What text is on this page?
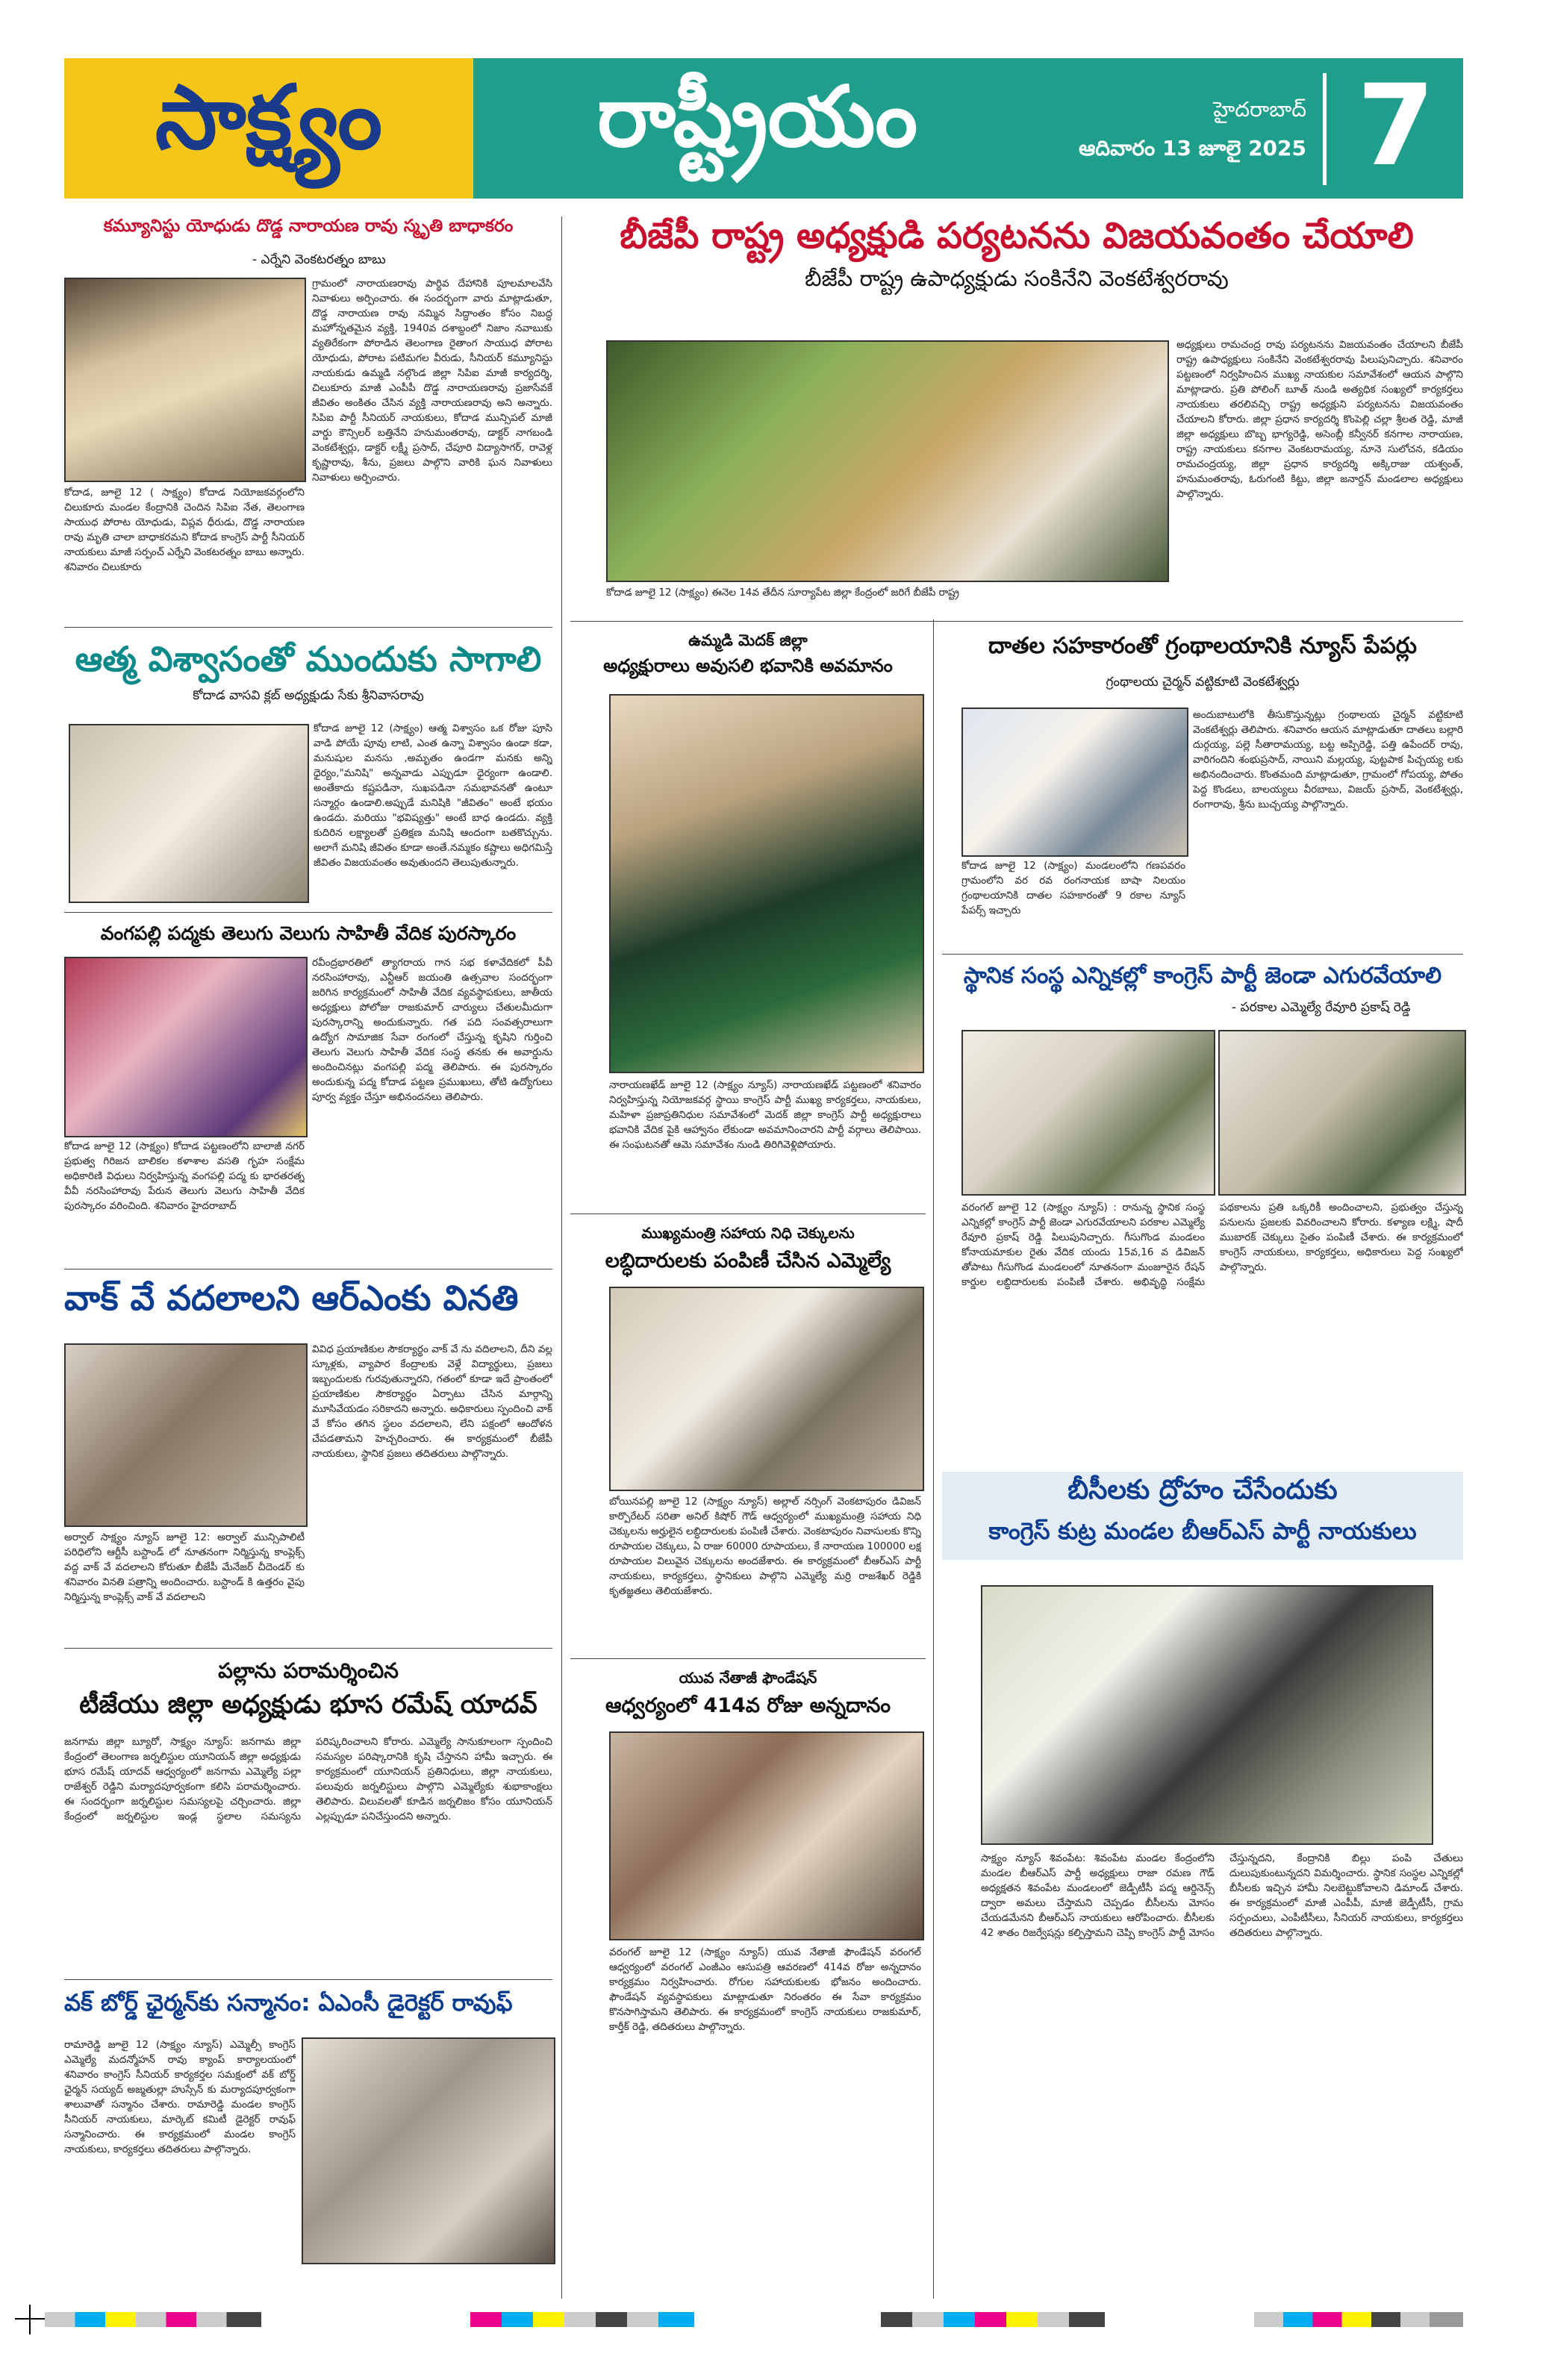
సాక్ష్యం	రాష్ట్రీయం	హైదరాబాద్
ఆదివారం 13 జూలై 2025 7
కమ్యూనిస్టు యోధుడు దొడ్డ నారాయణ రావు స్మృతి బాధాకరం
- ఎర్నేని వెంకటరత్నం బాబు
గ్రామంలో నారాయణరావు పార్థివ దేహానికి పూలమాలవేసి నివాళులు అర్పించారు. ఈ సందర్భంగా వారు మాట్లాడుతూ, దొడ్డ నారాయణ రావు నమ్మిన సిద్ధాంతం కోసం నిబద్ధ మహోన్నతమైన వ్యక్తి, 1940వ దశాబ్దంలో నిజాం నవాబుకు వ్యతిరేకంగా పోరాడిన తెలంగాణ రైతాంగ సాయుధ పోరాట యోధుడు, పోరాట పటిమగల వీరుడు, సీనియర్ కమ్యూనిస్టు నాయకుడు ఉమ్మడి నల్గొండ జిల్లా సిపిఐ మాజీ కార్యదర్శి, చిలుకూరు మాజీ ఎంపీపీ దొడ్డ నారాయణరావు ప్రజాసేవకే జీవితం అంకితం చేసిన వ్యక్తి నారాయణరావు అని అన్నారు. సిపిఐ పార్టీ సీనియర్ నాయకులు, కోదాడ మున్సిపల్ మాజీ వార్డు కౌన్సిలర్ బత్తినేని హనుమంతరావు, డాక్టర్ నాగబండి వెంకటేశ్వర్లు, డాక్టర్ లక్ష్మీ ప్రసాద్, చేపూరి విద్యాసాగర్, రావెళ్ల కృష్ణారావు, శీను, ప్రజలు పాల్గొని వారికి ఘన నివాళులు నివాళులు అర్పించారు.
కోదాడ, జూలై 12 ( సాక్ష్యం) కోదాడ నియోజకవర్గంలోని చిలుకూరు మండల కేంద్రానికి చెందిన సిపిఐ నేత, తెలంగాణ సాయుధ పోరాట యోధుడు, విప్లవ ధీరుడు, దొడ్డ నారాయణ రావు మృతి చాలా బాధాకరమని కోదాడ కాంగ్రెస్ పార్టీ సీనియర్ నాయకులు మాజీ సర్పంచ్ ఎర్నేని వెంకటరత్నం బాబు అన్నారు. శనివారం చిలుకూరు
ఆత్మ విశ్వాసంతో ముందుకు సాగాలి
కోదాడ వాసవి క్లబ్ అధ్యక్షుడు సేకు శ్రీనివాసరావు
కోదాడ జూలై 12 (సాక్ష్యం) ఆత్మ విశ్వాసం ఒక రోజు పూసి వాడి పోయే పూవు లాటి, ఎంత ఉన్నా విశ్వాసం ఉండా కడా, మనుషుల మనసు ,అమృతం ఉండగా మనకు అన్ని ధైర్యం,"మనిషి" అన్నవాడు ఎప్పుడూ ధైర్యంగా ఉండాలి. అంతేకాదు కష్టపడినా, సుఖపడినా సమభావనతో ఉంటూ సన్మార్గం ఉండాలి.అప్పుడే మనిషికి "జీవితం" అంటే భయం ఉండదు. మరియు "భవిష్యత్తు" అంటే బాధ ఉండదు. వ్యక్తి కుదిరిన లక్ష్యాలతో ప్రతిక్షణ మనిషి ఆందంగా బతకొచ్చును. అలాగే మనిషి జీవితం కూడా అంతే.నమ్మకం కష్టాలు అధిగమిస్తే జీవితం విజయవంతం అవుతుందని తెలుపుతున్నారు.
వంగపల్లి పద్మకు తెలుగు వెలుగు సాహితీ వేదిక పురస్కారం
రవీంద్రభారతిలో త్యాగరాయ గాన సభ కళావేదికలో పీవీ నరసింహారావు, ఎన్టీఆర్ జయంతి ఉత్సవాల సందర్భంగా జరిగిన కార్యక్రమంలో సాహితీ వేదిక వ్యవస్థాపకులు, జాతీయ అధ్యక్షులు పోలోజు రాజకుమార్ చార్యులు చేతులమీదుగా పురస్కారాన్ని అందుకున్నారు. గత పది సంవత్సరాలుగా ఉద్యోగ సామాజిక సేవా రంగంలో చేస్తున్న కృషిని గుర్తించి తెలుగు వెలుగు సాహితీ వేదిక సంస్థ తనకు ఈ అవార్డును అందించినట్లు వంగపల్లి పద్మ తెలిపారు. ఈ పురస్కారం అందుకున్న పద్మ కోదాడ పట్టణ ప్రముఖులు, తోటి ఉద్యోగులు పూర్వ వ్యక్తం చేస్తూ అభినందనలు తెలిపారు.
కోదాడ జూలై 12 (సాక్ష్యం) కోదాడ పట్టణంలోని బాలాజీ నగర్ ప్రభుత్వ గిరిజన బాలికల కళాశాల వసతి గృహ సంక్షేమ అధికారిణి విధులు నిర్వహిస్తున్న వంగపల్లి పద్మ కు భారతరత్న వీవీ నరసింహారావు పేరున తెలుగు వెలుగు సాహితీ వేదిక పురస్కారం వరించింది. శనివారం హైదరాబాద్
వాక్ వే వదలాలని ఆర్ఎంకు వినతి
వివిధ ప్రయాణికుల సౌకర్యార్థం వాక్ వే ను వదిలాలని, దీని వల్ల స్కూళ్లకు, వ్యాపార కేంద్రాలకు వెళ్లే విద్యార్థులు, ప్రజలు ఇబ్బందులకు గురవుతున్నారని, గతంలో కూడా ఇదే ప్రాంతంలో ప్రయాణికుల సౌకర్యార్థం ఏర్పాటు చేసిన మార్గాన్ని మూసివేయడం సరికాదని అన్నారు. అధికారులు స్పందించి వాక్ వే కోసం తగిన స్థలం వదలాలని, లేని పక్షంలో ఆందోళన చేపడతామని హెచ్చరించారు. ఈ కార్యక్రమంలో బీజేపీ నాయకులు, స్థానిక ప్రజలు తదితరులు పాల్గొన్నారు.
అర్వాల్ సాక్ష్యం న్యూస్ జూలై 12: అర్వాల్ మున్సిపాలిటీ పరిధిలోని ఆర్టీసీ బస్టాండ్ లో నూతనంగా నిర్మిస్తున్న కాంప్లెక్స్ వద్ద వాక్ వే వదలాలని కోరుతూ బీజేపీ మేనేజర్ చీదెండర్ కు శనివారం వినతి పత్రాన్ని అందించారు. బస్టాండ్ కి ఉత్తరం వైపు నిర్మిస్తున్న కాంప్లెక్స్ వాక్ వే వదలాలని
పల్లాను పరామర్శించిన
టీజేయు జిల్లా అధ్యక్షుడు భూస రమేష్ యాదవ్
జనగామ జిల్లా బ్యూరో, సాక్ష్యం న్యూస్: జనగామ జిల్లా కేంద్రంలో తెలంగాణ జర్నలిస్టుల యూనియన్ జిల్లా అధ్యక్షుడు భూస రమేష్ యాదవ్ ఆధ్వర్యంలో జనగామ ఎమ్మెల్యే పల్లా రాజేశ్వర్ రెడ్డిని మర్యాదపూర్వకంగా కలిసి పరామర్శించారు. ఈ సందర్భంగా జర్నలిస్టుల సమస్యలపై చర్చించారు. జిల్లా కేంద్రంలో జర్నలిస్టుల ఇండ్ల స్థలాల సమస్యను పరిష్కరించాలని కోరారు. ఎమ్మెల్యే సానుకూలంగా స్పందించి సమస్యల పరిష్కారానికి కృషి చేస్తానని హామీ ఇచ్చారు. ఈ కార్యక్రమంలో యూనియన్ ప్రతినిధులు, జిల్లా నాయకులు, పలువురు జర్నలిస్టులు పాల్గొని ఎమ్మెల్యేకు శుభాకాంక్షలు తెలిపారు. విలువలతో కూడిన జర్నలిజం కోసం యూనియన్ ఎల్లప్పుడూ పనిచేస్తుందని అన్నారు.
వక్ బోర్డ్ ఛైర్మన్‌కు సన్మానం: ఏఎంసీ డైరెక్టర్ రావుఫ్
రామారెడ్డి జూలై 12 (సాక్ష్యం న్యూస్) ఎమ్మెల్సీ కాంగ్రెస్ ఎమ్మెల్యే మదన్మోహన్ రావు క్యాంప్ కార్యాలయంలో శనివారం కాంగ్రెస్ సీనియర్ కార్యకర్తల సమక్షంలో వక్ బోర్డ్ ఛైర్మన్ సయ్యద్ అజ్మతుల్లా హుస్సేన్ కు మర్యాదపూర్వకంగా శాలువాతో సన్మానం చేశారు. రామారెడ్డి మండల కాంగ్రెస్ సీనియర్ నాయకులు, మార్కెట్ కమిటీ డైరెక్టర్ రావుఫ్ సన్మానించారు. ఈ కార్యక్రమంలో మండల కాంగ్రెస్ నాయకులు, కార్యకర్తలు తదితరులు పాల్గొన్నారు.
బీజేపీ రాష్ట్ర అధ్యక్షుడి పర్యటనను విజయవంతం చేయాలి
బీజేపీ రాష్ట్ర ఉపాధ్యక్షుడు సంకినేని వెంకటేశ్వరరావు
అధ్యక్షులు రామచంద్ర రావు పర్యటనను విజయవంతం చేయాలని బీజేపీ రాష్ట్ర ఉపాధ్యక్షులు సంకినేని వెంకటేశ్వరరావు పిలుపునిచ్చారు. శనివారం పట్టణంలో నిర్వహించిన ముఖ్య నాయకుల సమావేశంలో ఆయన పాల్గొని మాట్లాడారు. ప్రతి పోలింగ్ బూత్ నుండి అత్యధిక సంఖ్యలో కార్యకర్తలు నాయకులు తరలివచ్చి రాష్ట్ర అధ్యక్షుని పర్యటనను విజయవంతం చేయాలని కోరారు. జిల్లా ప్రధాన కార్యదర్శి కొంపెల్లి చల్లా శ్రీలత రెడ్డి, మాజీ జిల్లా అధ్యక్షులు బొబ్బ భాగ్యరెడ్డి, అసెంబ్లీ కన్వీనర్ కనగాల నారాయణ, రాష్ట్ర నాయకులు కనగాల వెంకటరామయ్య, నూనె సులోచన, కడియం రామచంద్రయ్య, జిల్లా ప్రధాన కార్యదర్శి అక్కిరాజు యశ్వంత్, హనుమంతరావు, ఓరుగంటి కిట్టు, జిల్లా జనార్దన్ మండలాల అధ్యక్షులు పాల్గొన్నారు.
కోదాడ జూలై 12 (సాక్ష్యం) ఈనెల 14వ తేదీన సూర్యాపేట జిల్లా కేంద్రంలో జరిగే బీజేపీ రాష్ట్ర
ఉమ్మడి మెదక్ జిల్లా
అధ్యక్షురాలు అవుసలి భవానికి అవమానం
నారాయణఖేడ్ జూలై 12 (సాక్ష్యం న్యూస్) నారాయణఖేడ్ పట్టణంలో శనివారం నిర్వహిస్తున్న నియోజకవర్గ స్థాయి కాంగ్రెస్ పార్టీ ముఖ్య కార్యకర్తలు, నాయకులు, మహిళా ప్రజాప్రతినిధుల సమావేశంలో మెదక్ జిల్లా కాంగ్రెస్ పార్టీ అధ్యక్షురాలు భవానికి వేదిక పైకి ఆహ్వానం లేకుండా అవమానించారని పార్టీ వర్గాలు తెలిపాయి. ఈ సంఘటనతో ఆమె సమావేశం నుండి తిరిగివెళ్లిపోయారు.
ముఖ్యమంత్రి సహాయ నిధి చెక్కులను
లబ్ధిదారులకు పంపిణీ చేసిన ఎమ్మెల్యే
బోయినపల్లి జూలై 12 (సాక్ష్యం న్యూస్) అల్లాల్ నర్సింగ్ వెంకటాపురం డివిజన్ కార్పొరేటర్ సరితా అనిల్ కిషోర్ గౌడ్ ఆధ్వర్యంలో ముఖ్యమంత్రి సహాయ నిధి చెక్కులను అర్హులైన లబ్ధిదారులకు పంపిణీ చేశారు. వెంకటాపురం నివాసులకు కొన్ని రూపాయల చెక్కులు, ఏ రాజు 60000 రూపాయలు, కే నారాయణ 100000 లక్ష రూపాయల విలువైన చెక్కులను అందజేశారు. ఈ కార్యక్రమంలో బీఆర్ఎస్ పార్టీ నాయకులు, కార్యకర్తలు, స్థానికులు పాల్గొని ఎమ్మెల్యే మర్రి రాజశేఖర్ రెడ్డికి కృతజ్ఞతలు తెలియజేశారు.
యువ నేతాజీ ఫౌండేషన్
ఆధ్వర్యంలో 414వ రోజు అన్నదానం
వరంగల్ జూలై 12 (సాక్ష్యం న్యూస్) యువ నేతాజీ ఫౌండేషన్ వరంగల్ ఆధ్వర్యంలో వరంగల్ ఎంజీఎం ఆసుపత్రి ఆవరణలో 414వ రోజు అన్నదానం కార్యక్రమం నిర్వహించారు. రోగుల సహాయకులకు భోజనం అందించారు. ఫౌండేషన్ వ్యవస్థాపకులు మాట్లాడుతూ నిరంతరం ఈ సేవా కార్యక్రమం కొనసాగిస్తామని తెలిపారు. ఈ కార్యక్రమంలో కాంగ్రెస్ నాయకులు రాజకుమార్, కార్తీక్ రెడ్డి, తదితరులు పాల్గొన్నారు.
దాతల సహకారంతో గ్రంథాలయానికి న్యూస్ పేపర్లు
గ్రంథాలయ చైర్మన్ వట్టికూటి వెంకటేశ్వర్లు
కోదాడ జూలై 12 (సాక్ష్యం) మండలంలోని గణపవరం గ్రామంలోని వర రవ రంగనాయక బాషా నిలయం గ్రంథాలయానికి దాతల సహకారంతో 9 రకాల న్యూస్ పేపర్స్ ఇచ్చారు
అందుబాటులోకి తీసుకొస్తున్నట్లు గ్రంథాలయ చైర్మన్ వట్టికూటి వెంకటేశ్వర్లు తెలిపారు. శనివారం ఆయన మాట్లాడుతూ దాతలు బల్లారి దుర్గయ్య, పల్లె సీతారామయ్య, బట్ట అప్పిరెడ్డి, పత్తి ఉపేందర్ రావు, వారిగందిని శంభుప్రసాద్, నాయిని మల్లయ్య, పుట్టపాక పిచ్చయ్య లకు అభినందించారు. కొంతమంది మాట్లాడుతూ, గ్రామంలో గోపయ్య, పోతం పెద్ద కొండలు, బాలయ్యలు వీరబాబు, విజయ్ ప్రసాద్, వెంకటేశ్వర్లు, రంగారావు, శ్రీను బుచ్చయ్య పాల్గొన్నారు.
స్థానిక సంస్థ ఎన్నికల్లో కాంగ్రెస్ పార్టీ జెండా ఎగురవేయాలి
- పరకాల ఎమ్మెల్యే రేవూరి ప్రకాష్ రెడ్డి
వరంగల్ జూలై 12 (సాక్ష్యం న్యూస్) : రానున్న స్థానిక సంస్థ ఎన్నికల్లో కాంగ్రెస్ పార్టీ జెండా ఎగురవేయాలని పరకాల ఎమ్మెల్యే రేవూరి ప్రకాష్ రెడ్డి పిలుపునిచ్చారు. గీసుగొండ మండలం కోనాయమాకుల రైతు వేదిక యందు 15వ,16 వ డివిజన్ తోపాటు గీసుగొండ మండలంలో నూతనంగా మంజూరైన రేషన్ కార్డుల లబ్ధిదారులకు పంపిణీ చేశారు. అభివృద్ధి సంక్షేమ పథకాలను ప్రతి ఒక్కరికీ అందించాలని, ప్రభుత్వం చేస్తున్న పనులను ప్రజలకు వివరించాలని కోరారు. కళ్యాణ లక్ష్మి, షాదీ ముబారక్ చెక్కులు సైతం పంపిణీ చేశారు. ఈ కార్యక్రమంలో కాంగ్రెస్ నాయకులు, కార్యకర్తలు, అధికారులు పెద్ద సంఖ్యలో పాల్గొన్నారు.
బీసీలకు ద్రోహం చేసేందుకు
కాంగ్రెస్ కుట్ర మండల బీఆర్ఎస్ పార్టీ నాయకులు
సాక్ష్యం న్యూస్ శివంపేట: శివంపేట మండల కేంద్రంలోని మండల బీఆర్ఎస్ పార్టీ అధ్యక్షులు రాజా రమణ గౌడ్ అధ్యక్షతన శివంపేట మండలంలో జెడ్పీటీసీ పద్మ ఆర్డినెన్స్ ద్వారా అమలు చేస్తామని చెప్పడం బీసీలను మోసం చేయడమేనని బీఆర్ఎస్ నాయకులు ఆరోపించారు. బీసీలకు 42 శాతం రిజర్వేషన్లు కల్పిస్తామని చెప్పి కాంగ్రెస్ పార్టీ మోసం చేస్తున్నదని, కేంద్రానికి బిల్లు పంపి చేతులు దులుపుకుంటున్నదని విమర్శించారు. స్థానిక సంస్థల ఎన్నికల్లో బీసీలకు ఇచ్చిన హామీ నిలబెట్టుకోవాలని డిమాండ్ చేశారు. ఈ కార్యక్రమంలో మాజీ ఎంపీపీ, మాజీ జెడ్పీటీసీ, గ్రామ సర్పంచులు, ఎంపీటీసీలు, సీనియర్ నాయకులు, కార్యకర్తలు తదితరులు పాల్గొన్నారు.
